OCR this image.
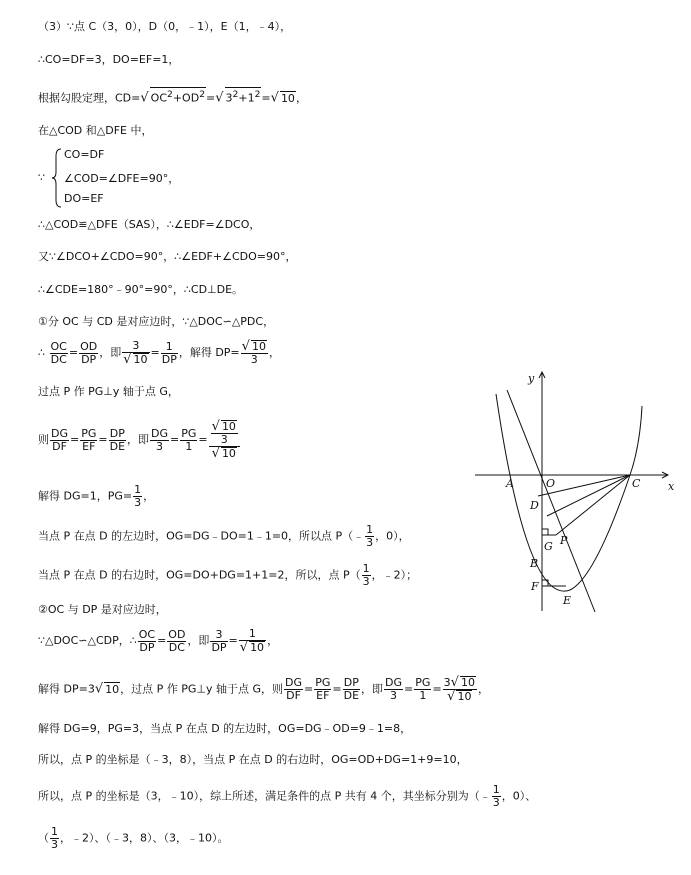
（3）∵点 C（3，0），D（0，﹣1），E（1，﹣4），
∴CO=DF=3，DO=EF=1，
根据勾股定理，CD=√ $OC^2+OD^2=√$ $3^2+1^2=√$ 10，
在△COD 和△DFE 中，
∵
CO=DF
∠COD=∠DFE=90°，
DO=EF
∴△COD≌△DFE（SAS），∴∠EDF=∠DCO，
又∵∠DCO+∠CDO=90°，∴∠EDF+∠CDO=90°，
∴∠CDE=180°﹣90°=90°，∴CD⊥DE。
①分 OC 与 CD 是对应边时，∵△DOC∽△PDC，
∴ $\frac{OC}{DC} = \frac{OD}{DP}$ ，即 $\frac{3}{√ 10} = \frac{1}{DP}$ ，解得 $DP= \frac{√ 10}{3}$ ，
过点 P 作 PG⊥y 轴于点 G，
则 $\frac{DG}{DF} = \frac{PG}{EF} = \frac{DP}{DE}$ ，即 $\frac{DG}{3} = \frac{PG}{1} = \frac{\frac{√ 10}{3}}{√ 10}$
解得 DG=1，$PG= \frac{1}{3}$ ，
当点 P 在点 D 的左边时，OG=DG﹣DO=1﹣1=0，所以点 P（﹣ $\frac{1}{3}$ ，0），
当点 P 在点 D 的右边时，OG=DO+DG=1+1=2，所以，点 $P( \frac{1}{3}$ ，﹣2）；
②OC 与 DP 是对应边时，
∵△DOC∽△CDP，∴ $\frac{OC}{DP} = \frac{OD}{DC}$ ，即 $\frac{3}{DP} = \frac{1}{√ 10}$ ，
解得 DP=3√ 10，过点 P 作 PG⊥y 轴于点 G，则 $\frac{DG}{DF} = \frac{PG}{EF} = \frac{DP}{DE}$ ，即 $\frac{DG}{3} = \frac{PG}{1} = \frac{3√ 10}{√ 10}$ ，
解得 DG=9，PG=3，当点 P 在点 D 的左边时，OG=DG﹣OD=9﹣1=8，
所以，点 P 的坐标是（﹣3，8），当点 P 在点 D 的右边时，OG=OD+DG=1+9=10，
所以，点 P 的坐标是（3，﹣10），综上所述，满足条件的点 P 共有 4 个，其坐标分别为（﹣ $\frac{1}{3}$ ，0）、
（ $\frac{1}{3}$ ，﹣2）、（﹣3，8）、（3，﹣10）。
y
x
A	O	C
D
G P
B
F
E
